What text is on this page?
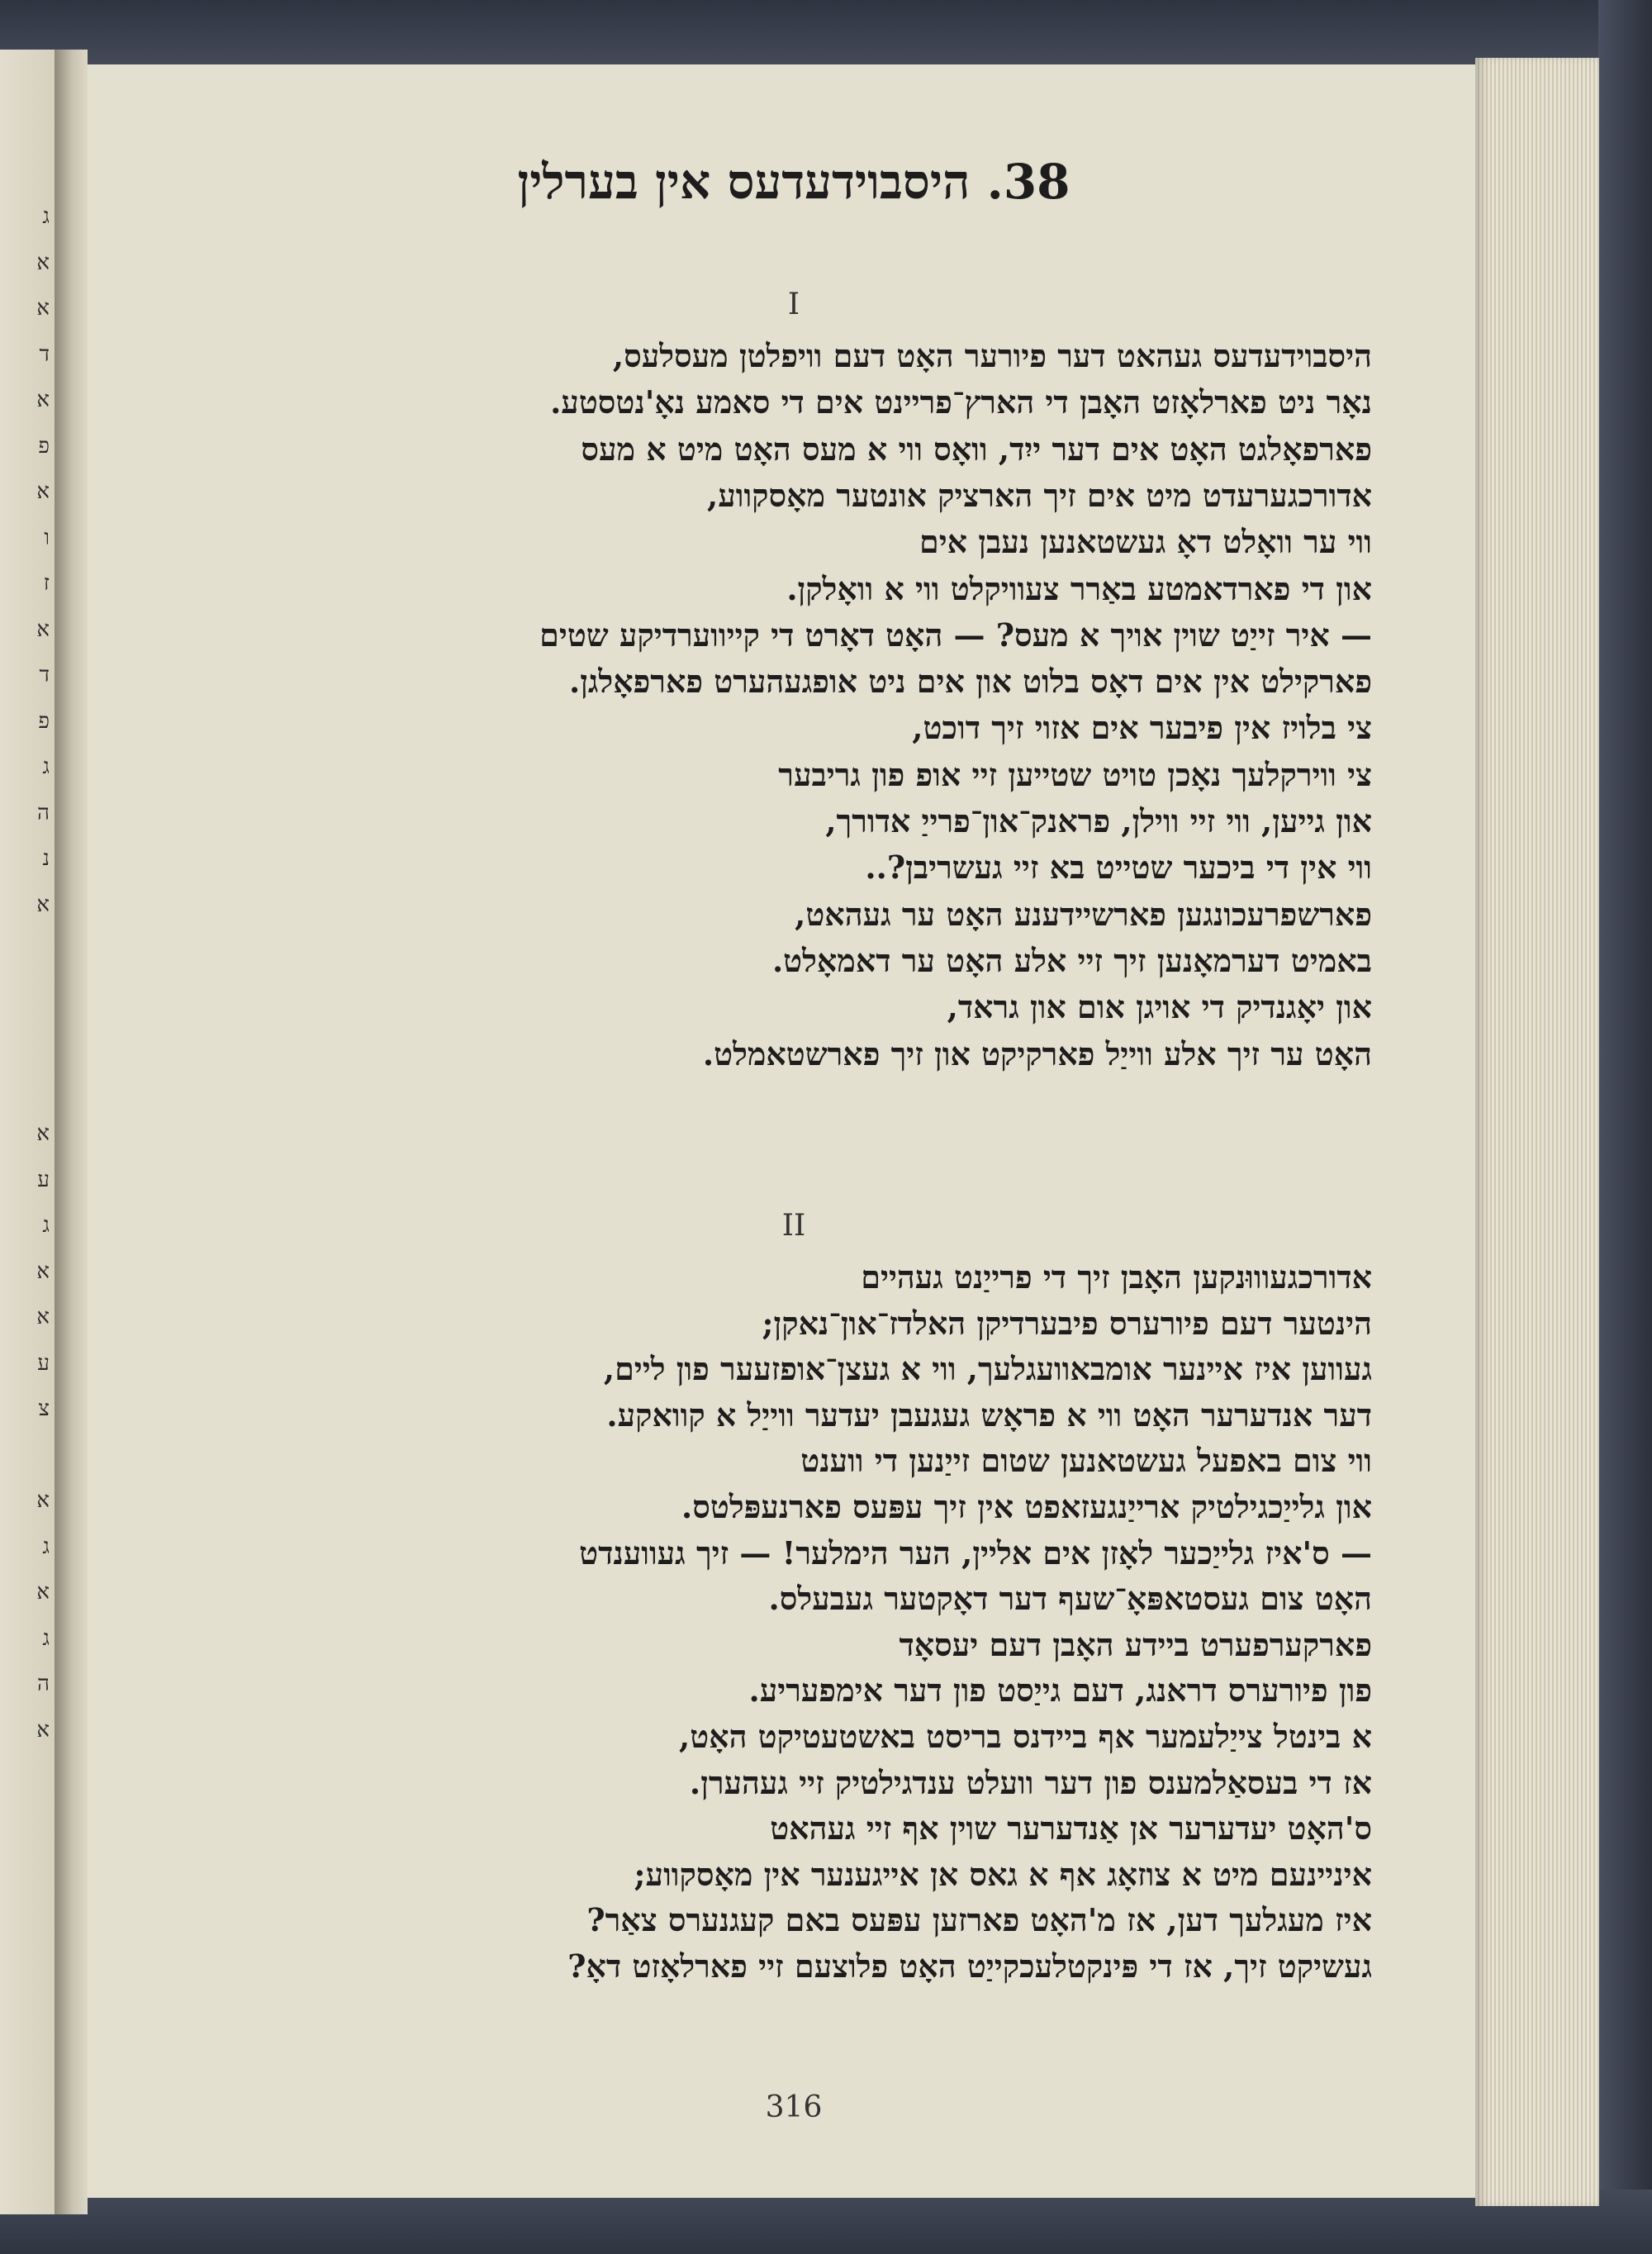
ג
א
א
ד
א
פ
א
ו
ז
א
ד
פ
ג
ה
נ
א
א
ע
ג
א
א
ע
צ
א
ג
א
ג
ה
א
38. היסבוידעדעס אין בערלין
I
היסבוידעדעס געהאט דער פיורער האָט דעם וויפלטן מעסלעס,
נאָר ניט פארלאָזט האָבן די הארץ־פריינט אים די סאמע נאָ'נטסטע.
פארפאָלגט האָט אים דער ייִד, וואָס ווי א מעס האָט מיט א מעס
אדורכגערעדט מיט אים זיך הארציק אונטער מאָסקווע,
ווי ער וואָלט דאָ געשטאנען נעבן אים
און די פארדאמטע באַרר צעוויקלט ווי א וואָלקן.
— איר זייַט שוין אויך א מעס? — האָט דאָרט די קייווערדיקע שטים
פארקילט אין אים דאָס בלוט און אים ניט אופגעהערט פארפאָלגן.
צי בלויז אין פיבער אים אזוי זיך דוכט,
צי ווירקלעך נאָכן טויט שטייען זיי אופ פון גריבער
און גייען, ווי זיי ווילן, פראנק־און־פרייַ אדורך,
ווי אין די ביכער שטייט בא זיי געשריבן?..
פארשפרעכונגען פארשיידענע האָט ער געהאט,
באמיט דערמאָנען זיך זיי אלע האָט ער דאמאָלט.
און יאָגנדיק די אויגן אום און גראד,
האָט ער זיך אלע ווייַל פארקיקט און זיך פארשטאמלט.
II
אדורכגעוווּנקען האָבן זיך די פרייַנט געהיים
הינטער דעם פיורערס פיבערדיקן האלדז־און־נאקן;
געווען איז איינער אומבאוועגלעך, ווי א געצן־אופזעער פון ליים,
דער אנדערער האָט ווי א פראָש געגעבן יעדער ווייַל א קוואקע.
ווי צום באפעל געשטאנען שטום זייַנען די ווענט
און גלייַכגילטיק ארייַנגעזאפט אין זיך עפּעס פארנעפּלטס.
— ס'איז גלייַכער לאָזן אים אליין, הער הימלער! — זיך געווענדט
האָט צום געסטאפּאָ־שעף דער דאָקטער געבעלס.
פארקערפערט ביידע האָבן דעם יעסאָד
פון פיורערס דראנג, דעם גייַסט פון דער אימפעריע.
א בינטל צייַלעמער אף ביידנס בריסט באשטעטיקט האָט,
אז די בעסאַלמענס פון דער וועלט ענדגילטיק זיי געהערן.
ס'האָט יעדערער אן אַנדערער שוין אף זיי געהאט
איניינעם מיט א צוזאָג אף א גאס אן אייגענער אין מאָסקווע;
איז מעגלעך דען, אז מ'האָט פארזען עפּעס באם קעגנערס צאַר?
געשיקט זיך, אז די פּינקטלעכקייַט האָט פלוצעם זיי פארלאָזט דאָ?
316
